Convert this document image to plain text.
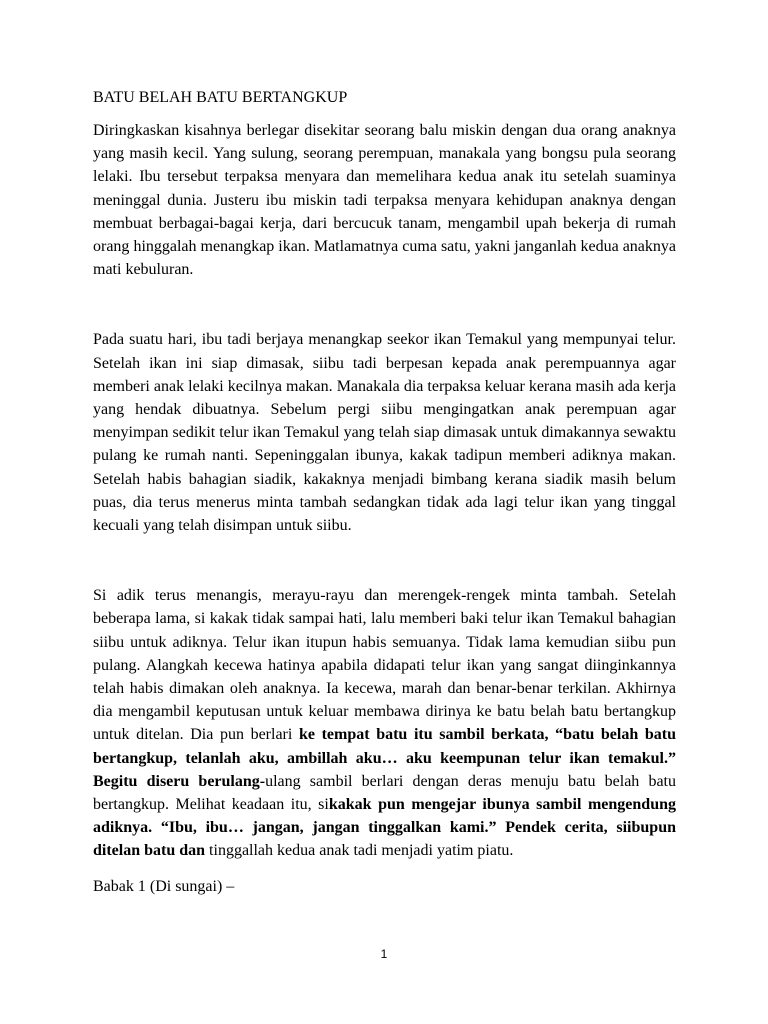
BATU BELAH BATU BERTANGKUP

Diringkaskan kisahnya berlegar disekitar seorang balu miskin dengan dua orang anaknya yang masih kecil. Yang sulung, seorang perempuan, manakala yang bongsu pula seorang lelaki. Ibu tersebut terpaksa menyara dan memelihara kedua anak itu setelah suaminya meninggal dunia. Justeru ibu miskin tadi terpaksa menyara kehidupan anaknya dengan membuat berbagai-bagai kerja, dari bercucuk tanam, mengambil upah bekerja di rumah orang hinggalah menangkap ikan. Matlamatnya cuma satu, yakni janganlah kedua anaknya mati kebuluran.

Pada suatu hari, ibu tadi berjaya menangkap seekor ikan Temakul yang mempunyai telur. Setelah ikan ini siap dimasak, siibu tadi berpesan kepada anak perempuannya agar memberi anak lelaki kecilnya makan. Manakala dia terpaksa keluar kerana masih ada kerja yang hendak dibuatnya. Sebelum pergi siibu mengingatkan anak perempuan agar menyimpan sedikit telur ikan Temakul yang telah siap dimasak untuk dimakannya sewaktu pulang ke rumah nanti. Sepeninggalan ibunya, kakak tadipun memberi adiknya makan. Setelah habis bahagian siadik, kakaknya menjadi bimbang kerana siadik masih belum puas, dia terus menerus minta tambah sedangkan tidak ada lagi telur ikan yang tinggal kecuali yang telah disimpan untuk siibu.

Si adik terus menangis, merayu-rayu dan merengek-rengek minta tambah. Setelah beberapa lama, si kakak tidak sampai hati, lalu memberi baki telur ikan Temakul bahagian siibu untuk adiknya. Telur ikan itupun habis semuanya. Tidak lama kemudian siibu pun pulang. Alangkah kecewa hatinya apabila didapati telur ikan yang sangat diinginkannya telah habis dimakan oleh anaknya. Ia kecewa, marah dan benar-benar terkilan. Akhirnya dia mengambil keputusan untuk keluar membawa dirinya ke batu belah batu bertangkup untuk ditelan. Dia pun berlari ke tempat batu itu sambil berkata, “batu belah batu bertangkup, telanlah aku, ambillah aku… aku keempunan telur ikan temakul.” Begitu diseru berulang-ulang sambil berlari dengan deras menuju batu belah batu bertangkup. Melihat keadaan itu, sikakak pun mengejar ibunya sambil mengendung adiknya. “Ibu, ibu… jangan, jangan tinggalkan kami.” Pendek cerita, siibupun ditelan batu dan tinggallah kedua anak tadi menjadi yatim piatu.

Babak 1 (Di sungai) –

1
